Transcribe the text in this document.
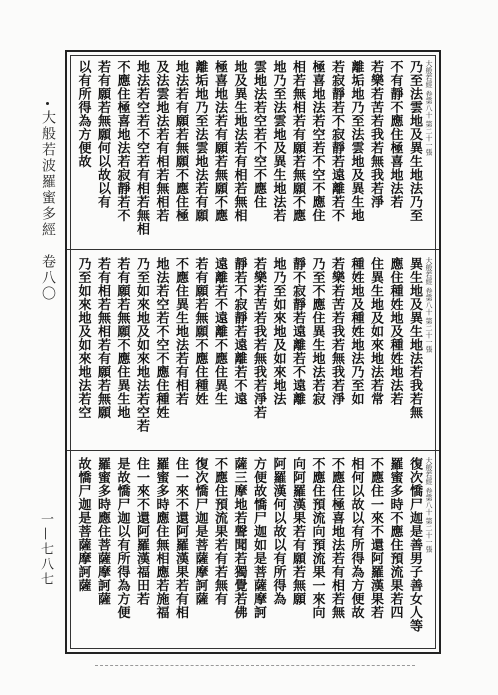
大般若波羅蜜多經　卷八〇
一—七八七
大般若經 卷第八十 第二十一張
乃至法雲地及異生地法乃至
不有靜不應住極喜地法若
若樂若苦若我若無我若淨
離垢地乃至法雲地及異生地
若寂靜若不寂靜若遠離若不
極喜地法若空若不空不應住
相若無相若有願若無願不應
地乃至法雲地及異生地法若
雲地法若空若不空不應住
地及異生地法若有相若無相
極喜地法若有願若無願不應
離垢地乃至法雲地法若有願
地法若有願若無願不應住極
及法雲地法若有相若無相若
地法若空若不空若有相若無相
不應住極喜地法若寂靜若不
若有願若無願何以故以有
以有所得為方便故
大般若經 卷第八十 第二十一張
異生地及異生地法若我若無
應住種姓地及種姓地法若
住異生地及如來地法若常
種姓地及種姓地法乃至如
若樂若苦若我若無我若淨
乃至不應住異生地法若寂
靜不寂靜若遠離若不遠離
地乃至如來地及如來地法
若樂若苦若我若無我若淨若
靜若不寂靜若遠離若不遠
遠離若不遠離不應住異生
若有願若無願不應住種姓
不應住異生地法若有相若
地法若空若不空不應住種姓
乃至如來地及如來地法若空若
若有願若無願不應住異生地
若有相若無相若有願若無願
乃至如來地及如來地法若空
大般若經 卷第八十 第二十一張
復次憍尸迦是善男子善女人等
羅蜜多時不應住預流果若四
不應住一來不還阿羅漢果若
相何以故以有所得為方便故
不應住極喜地法若有相若無
不應住預流向預流果一來向
向阿羅漢果若有願若無願
阿羅漢何以故以有所得為
方便故憍尸迦如是菩薩摩訶
薩三摩地若聲聞若獨覺若佛
不應住預流果若有若無有
復次憍尸迦是菩薩摩訶薩
住一來不還阿羅漢果若有相
羅蜜多時應住無相應若施福
住一來不還阿羅漢福田若
是故憍尸迦以有所得為方便
羅蜜多時應住菩薩摩訶薩
故憍尸迦是菩薩摩訶薩
